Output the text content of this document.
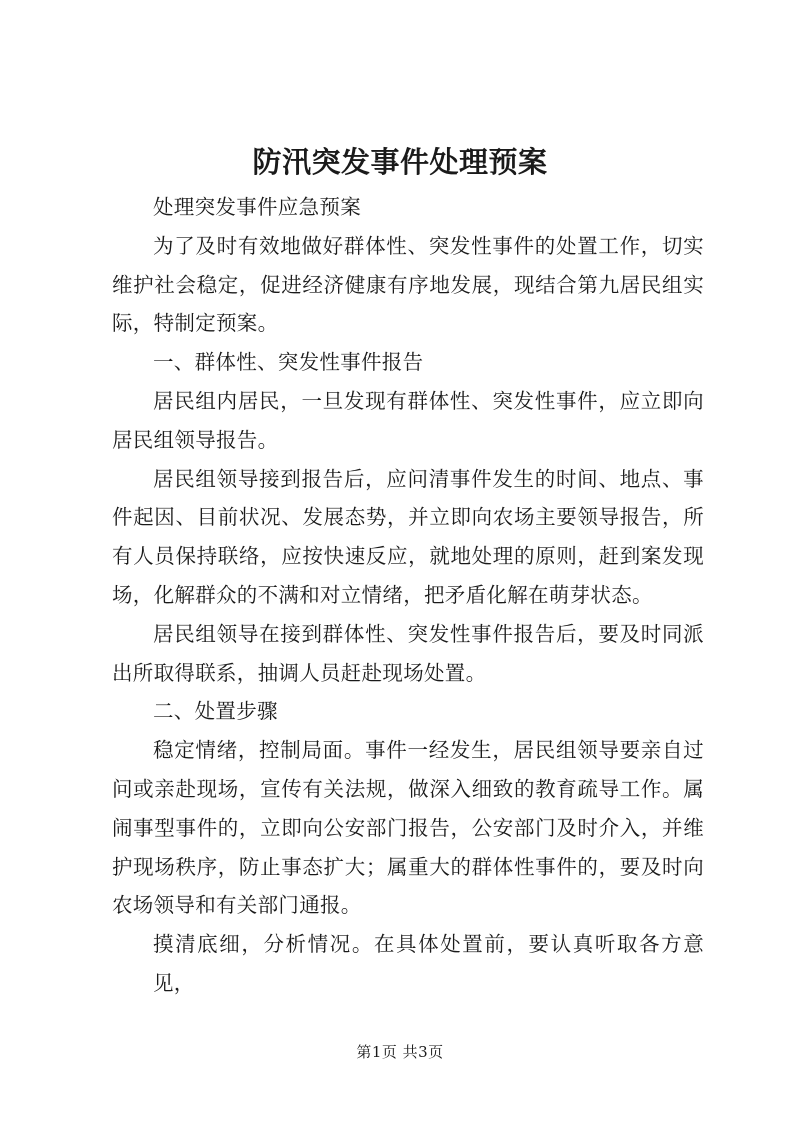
防汛突发事件处理预案
处理突发事件应急预案
为了及时有效地做好群体性、突发性事件的处置工作，切实
维护社会稳定，促进经济健康有序地发展，现结合第九居民组实
际，特制定预案。
一、群体性、突发性事件报告
居民组内居民，一旦发现有群体性、突发性事件，应立即向
居民组领导报告。
居民组领导接到报告后，应问清事件发生的时间、地点、事
件起因、目前状况、发展态势，并立即向农场主要领导报告，所
有人员保持联络，应按快速反应，就地处理的原则，赶到案发现
场，化解群众的不满和对立情绪，把矛盾化解在萌芽状态。
居民组领导在接到群体性、突发性事件报告后，要及时同派
出所取得联系，抽调人员赶赴现场处置。
二、处置步骤
稳定情绪，控制局面。事件一经发生，居民组领导要亲自过
问或亲赴现场，宣传有关法规，做深入细致的教育疏导工作。属
闹事型事件的，立即向公安部门报告，公安部门及时介入，并维
护现场秩序，防止事态扩大；属重大的群体性事件的，要及时向
农场领导和有关部门通报。
摸清底细，分析情况。在具体处置前，要认真听取各方意见，
第1页 共3页
